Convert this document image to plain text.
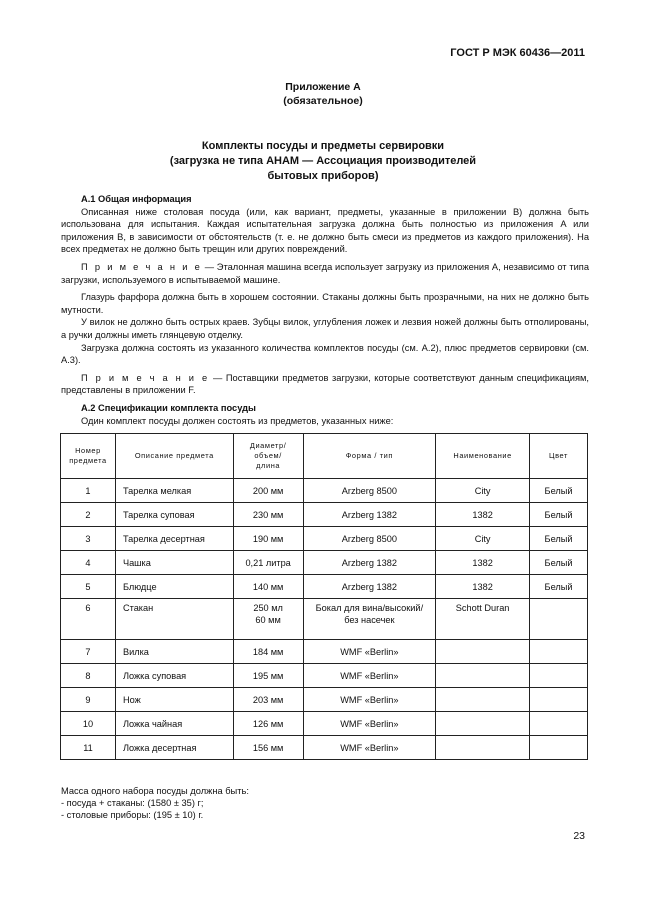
ГОСТ Р МЭК 60436—2011
Приложение A
(обязательное)
Комплекты посуды и предметы сервировки
(загрузка не типа АНАМ — Ассоциация производителей
бытовых приборов)
A.1 Общая информация

Описанная ниже столовая посуда (или, как вариант, предметы, указанные в приложении B) должна быть использована для испытания. Каждая испытательная загрузка должна быть полностью из приложения A или приложения B, в зависимости от обстоятельств (т. е. не должно быть смеси из предметов из каждого приложения). На всех предметах не должно быть трещин или других повреждений.

П р и м е ч а н и е — Эталонная машина всегда использует загрузку из приложения A, независимо от типа загрузки, используемого в испытываемой машине.

Глазурь фарфора должна быть в хорошем состоянии. Стаканы должны быть прозрачными, на них не должно быть мутности.

У вилок не должно быть острых краев. Зубцы вилок, углубления ложек и лезвия ножей должны быть отполированы, а ручки должны иметь глянцевую отделку.

Загрузка должна состоять из указанного количества комплектов посуды (см. A.2), плюс предметов сервировки (см. A.3).

П р и м е ч а н и е — Поставщики предметов загрузки, которые соответствуют данным спецификациям, представлены в приложении F.

A.2 Спецификации комплекта посуды

Один комплект посуды должен состоять из предметов, указанных ниже:

Номер
предмета	Описание предмета	Диаметр/
объем/
длина	Форма / тип	Наименование	Цвет
1	Тарелка мелкая	200 мм	Arzberg 8500	City	Белый
2	Тарелка суповая	230 мм	Arzberg 1382	1382	Белый
3	Тарелка десертная	190 мм	Arzberg 8500	City	Белый
4	Чашка	0,21 литра	Arzberg 1382	1382	Белый
5	Блюдце	140 мм	Arzberg 1382	1382	Белый
6	Стакан	250 мл
60 мм	Бокал для вина/высокий/
без насечек	Schott Duran	
7	Вилка	184 мм	WMF «Berlin»		
8	Ложка суповая	195 мм	WMF «Berlin»		
9	Нож	203 мм	WMF «Berlin»		
10	Ложка чайная	126 мм	WMF «Berlin»		
11	Ложка десертная	156 мм	WMF «Berlin»		
Масса одного набора посуды должна быть:
- посуда + стаканы: (1580 ± 35) г;
- столовые приборы: (195 ± 10) г.
23
